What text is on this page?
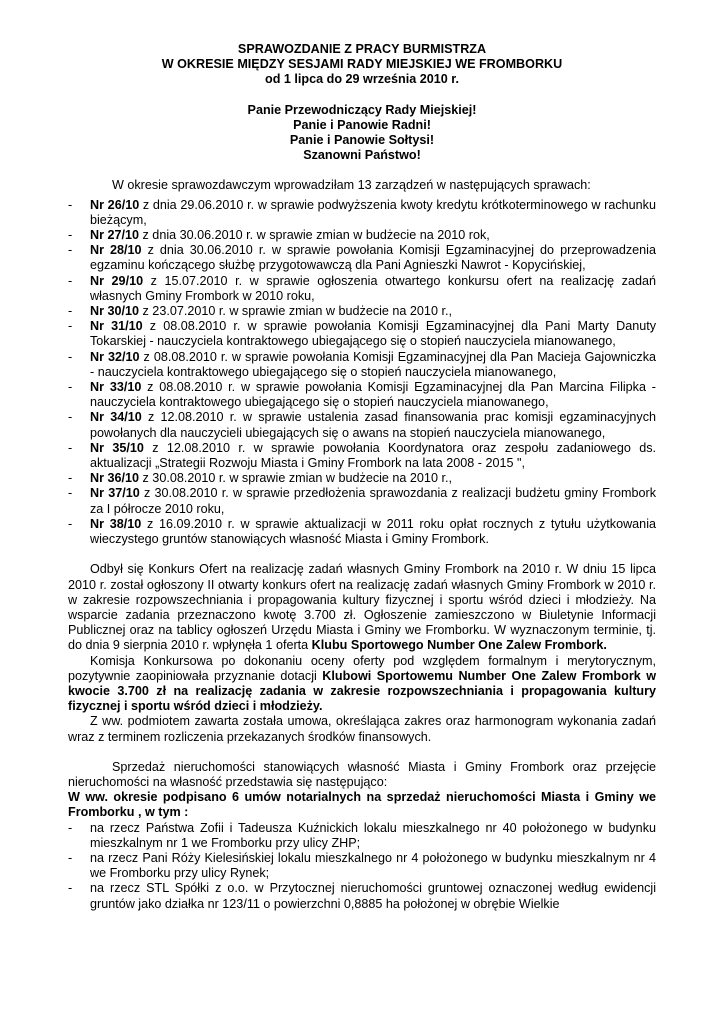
SPRAWOZDANIE Z PRACY BURMISTRZA
W OKRESIE MIĘDZY SESJAMI RADY MIEJSKIEJ WE FROMBORKU
od 1 lipca do 29 września 2010 r.
Panie Przewodniczący Rady Miejskiej!
Panie i Panowie Radni!
Panie i Panowie Sołtysi!
Szanowni Państwo!

W okresie sprawozdawczym wprowadziłam 13 zarządzeń w następujących sprawach:

- Nr 26/10 z dnia 29.06.2010 r. w sprawie podwyższenia kwoty kredytu krótkoterminowego w rachunku bieżącym,
- Nr 27/10 z dnia 30.06.2010 r. w sprawie zmian w budżecie na 2010 rok,
- Nr 28/10 z dnia 30.06.2010 r. w sprawie powołania Komisji Egzaminacyjnej do przeprowadzenia egzaminu kończącego służbę przygotowawczą dla Pani Agnieszki Nawrot - Kopycińskiej,
- Nr 29/10 z 15.07.2010 r. w sprawie ogłoszenia otwartego konkursu ofert na realizację zadań własnych Gminy Frombork w 2010 roku,
- Nr 30/10 z 23.07.2010 r. w sprawie zmian w budżecie na 2010 r.,
- Nr 31/10 z 08.08.2010 r. w sprawie powołania Komisji Egzaminacyjnej dla Pani Marty Danuty Tokarskiej - nauczyciela kontraktowego ubiegającego się o stopień nauczyciela mianowanego,
- Nr 32/10 z 08.08.2010 r. w sprawie powołania Komisji Egzaminacyjnej dla Pan Macieja Gajowniczka - nauczyciela kontraktowego ubiegającego się o stopień nauczyciela mianowanego,
- Nr 33/10 z 08.08.2010 r. w sprawie powołania Komisji Egzaminacyjnej dla Pan Marcina Filipka - nauczyciela kontraktowego ubiegającego się o stopień nauczyciela mianowanego,
- Nr 34/10 z 12.08.2010 r. w sprawie ustalenia zasad finansowania prac komisji egzaminacyjnych powołanych dla nauczycieli ubiegających się o awans na stopień nauczyciela mianowanego,
- Nr 35/10 z 12.08.2010 r. w sprawie powołania Koordynatora oraz zespołu zadaniowego ds. aktualizacji „Strategii Rozwoju Miasta i Gminy Frombork na lata 2008 - 2015 ",
- Nr 36/10 z 30.08.2010 r. w sprawie zmian w budżecie na 2010 r.,
- Nr 37/10 z 30.08.2010 r. w sprawie przedłożenia sprawozdania z realizacji budżetu gminy Frombork za I półrocze 2010 roku,
- Nr 38/10 z 16.09.2010 r. w sprawie aktualizacji w 2011 roku opłat rocznych z tytułu użytkowania wieczystego gruntów stanowiących własność Miasta i Gminy Frombork.

Odbył się Konkurs Ofert na realizację zadań własnych Gminy Frombork na 2010 r. W dniu 15 lipca 2010 r. został ogłoszony II otwarty konkurs ofert na realizację zadań własnych Gminy Frombork w 2010 r. w zakresie rozpowszechniania i propagowania kultury fizycznej i sportu wśród dzieci i młodzieży. Na wsparcie zadania przeznaczono kwotę 3.700 zł. Ogłoszenie zamieszczono w Biuletynie Informacji Publicznej oraz na tablicy ogłoszeń Urzędu Miasta i Gminy we Fromborku. W wyznaczonym terminie, tj. do dnia 9 sierpnia 2010 r. wpłynęła 1 oferta Klubu Sportowego Number One Zalew Frombork.

Komisja Konkursowa po dokonaniu oceny oferty pod względem formalnym i merytorycznym, pozytywnie zaopiniowała przyznanie dotacji Klubowi Sportowemu Number One Zalew Frombork w kwocie 3.700 zł na realizację zadania w zakresie rozpowszechniania i propagowania kultury fizycznej i sportu wśród dzieci i młodzieży.

Z ww. podmiotem zawarta została umowa, określająca zakres oraz harmonogram wykonania zadań wraz z terminem rozliczenia przekazanych środków finansowych.

Sprzedaż nieruchomości stanowiących własność Miasta i Gminy Frombork oraz przejęcie nieruchomości na własność przedstawia się następująco:

W ww. okresie podpisano 6 umów notarialnych na sprzedaż nieruchomości Miasta i Gminy we Fromborku , w tym :

- na rzecz Państwa Zofii i Tadeusza Kuźnickich lokalu mieszkalnego nr 40 położonego w budynku mieszkalnym nr 1 we Fromborku przy ulicy ZHP;
- na rzecz Pani Róży Kielesińskiej lokalu mieszkalnego nr 4 położonego w budynku mieszkalnym nr 4 we Fromborku przy ulicy Rynek;
- na rzecz STL Spółki z o.o. w Przytocznej nieruchomości gruntowej oznaczonej według ewidencji gruntów jako działka nr 123/11 o powierzchni 0,8885 ha położonej w obrębie Wielkie
